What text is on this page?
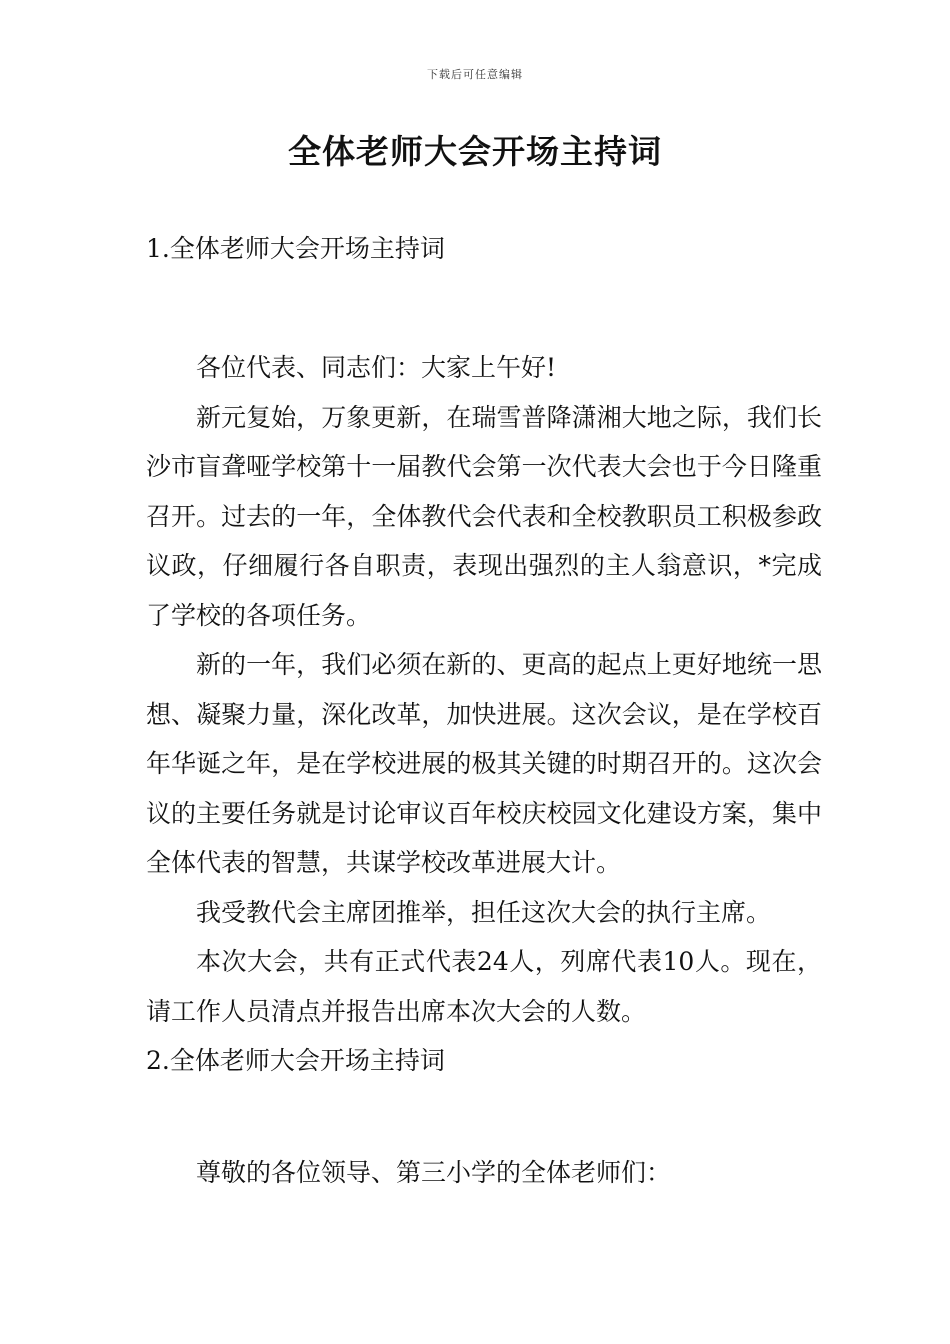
下载后可任意编辑
全体老师大会开场主持词

1.全体老师大会开场主持词

各位代表、同志们：大家上午好!

新元复始，万象更新，在瑞雪普降潇湘大地之际，我们长沙市盲聋哑学校第十一届教代会第一次代表大会也于今日隆重召开。过去的一年，全体教代会代表和全校教职员工积极参政议政，仔细履行各自职责，表现出强烈的主人翁意识，*完成了学校的各项任务。

新的一年，我们必须在新的、更高的起点上更好地统一思想、凝聚力量，深化改革，加快进展。这次会议，是在学校百年华诞之年，是在学校进展的极其关键的时期召开的。这次会议的主要任务就是讨论审议百年校庆校园文化建设方案，集中全体代表的智慧，共谋学校改革进展大计。

我受教代会主席团推举，担任这次大会的执行主席。

本次大会，共有正式代表24人，列席代表10人。现在，请工作人员清点并报告出席本次大会的人数。

2.全体老师大会开场主持词

尊敬的各位领导、第三小学的全体老师们：
